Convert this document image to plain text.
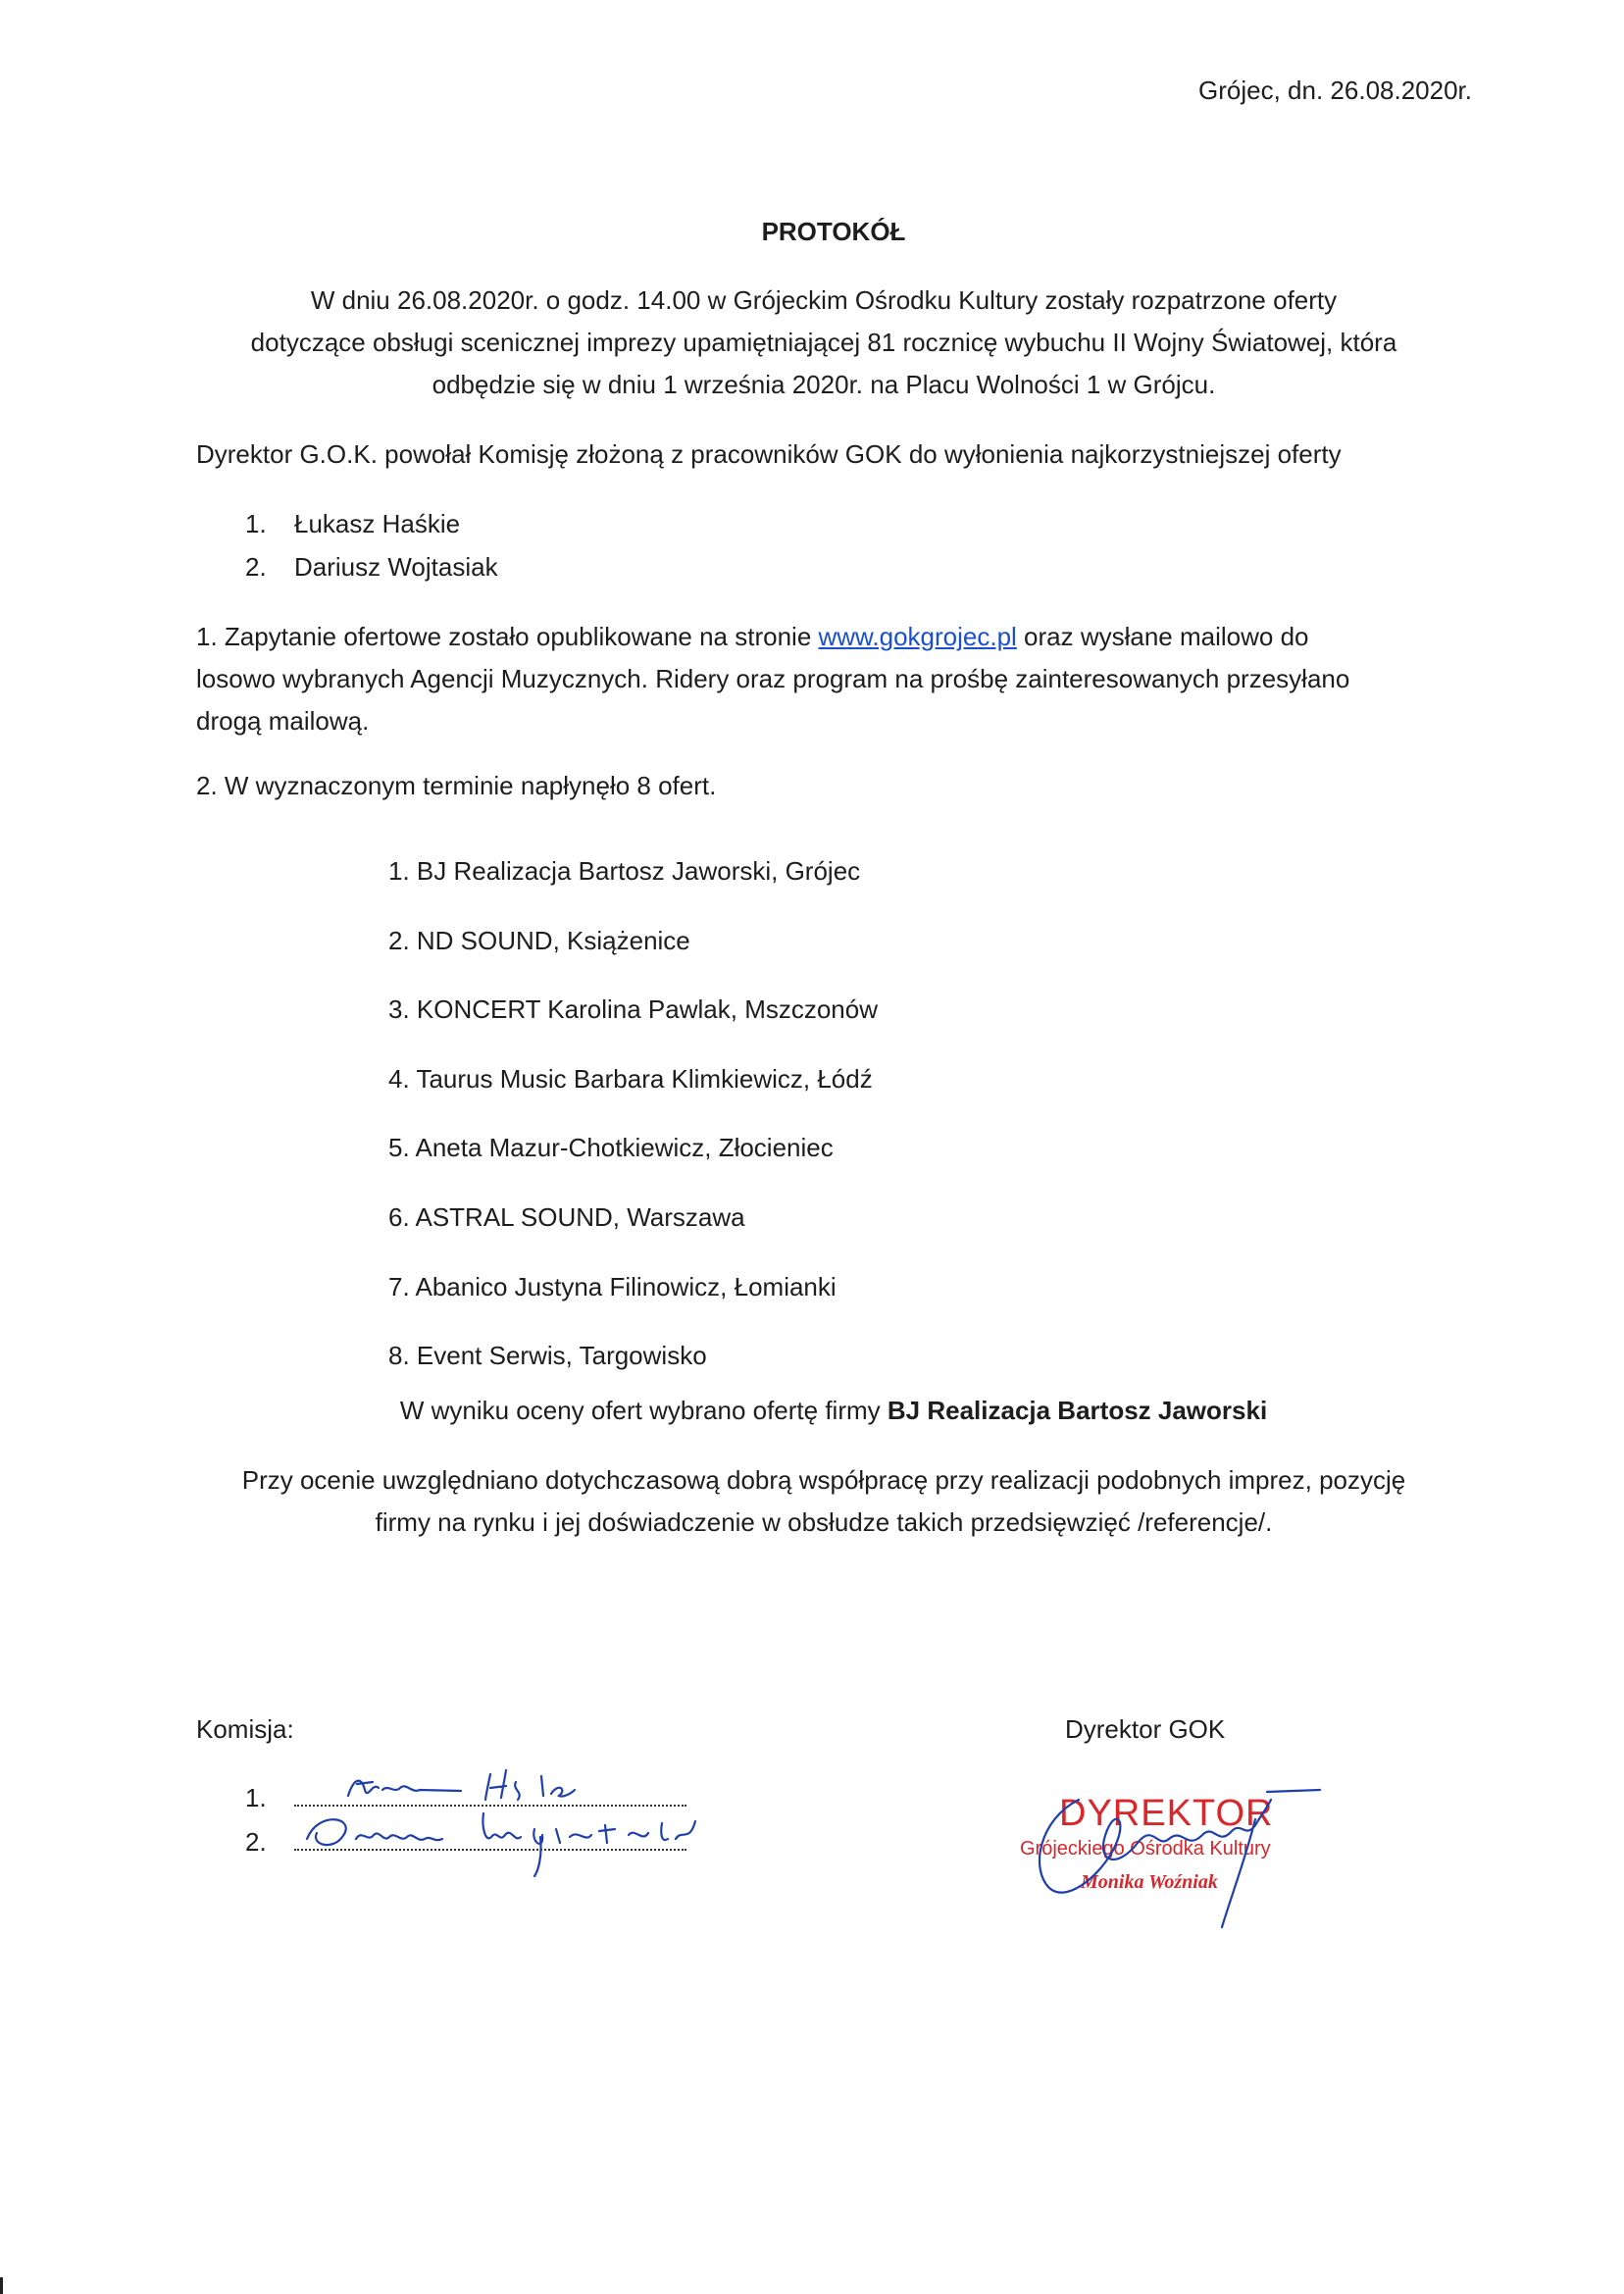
Grójec, dn. 26.08.2020r.
PROTOKÓŁ
W dniu 26.08.2020r. o godz. 14.00 w Grójeckim Ośrodku Kultury zostały rozpatrzone oferty
dotyczące obsługi scenicznej imprezy upamiętniającej 81 rocznicę wybuchu II Wojny Światowej, która
odbędzie się w dniu 1 września 2020r. na Placu Wolności 1 w Grójcu.
Dyrektor G.O.K. powołał Komisję złożoną z pracowników GOK do wyłonienia najkorzystniejszej oferty
1. Łukasz Haśkie
2. Dariusz Wojtasiak
1. Zapytanie ofertowe zostało opublikowane na stronie www.gokgrojec.pl oraz wysłane mailowo do
losowo wybranych Agencji Muzycznych. Ridery oraz program na prośbę zainteresowanych przesyłano
drogą mailową.
2. W wyznaczonym terminie napłynęło 8 ofert.
1. BJ Realizacja Bartosz Jaworski, Grójec
2. ND SOUND, Książenice
3. KONCERT Karolina Pawlak, Mszczonów
4. Taurus Music Barbara Klimkiewicz, Łódź
5. Aneta Mazur-Chotkiewicz, Złocieniec
6. ASTRAL SOUND, Warszawa
7. Abanico Justyna Filinowicz, Łomianki
8. Event Serwis, Targowisko
W wyniku oceny ofert wybrano ofertę firmy BJ Realizacja Bartosz Jaworski
Przy ocenie uwzględniano dotychczasową dobrą współpracę przy realizacji podobnych imprez, pozycję
firmy na rynku i jej doświadczenie w obsłudze takich przedsięwzięć /referencje/.
Komisja:
1.
2.
Dyrektor GOK
DYREKTOR
Grójeckiego Ośrodka Kultury
Monika Woźniak
